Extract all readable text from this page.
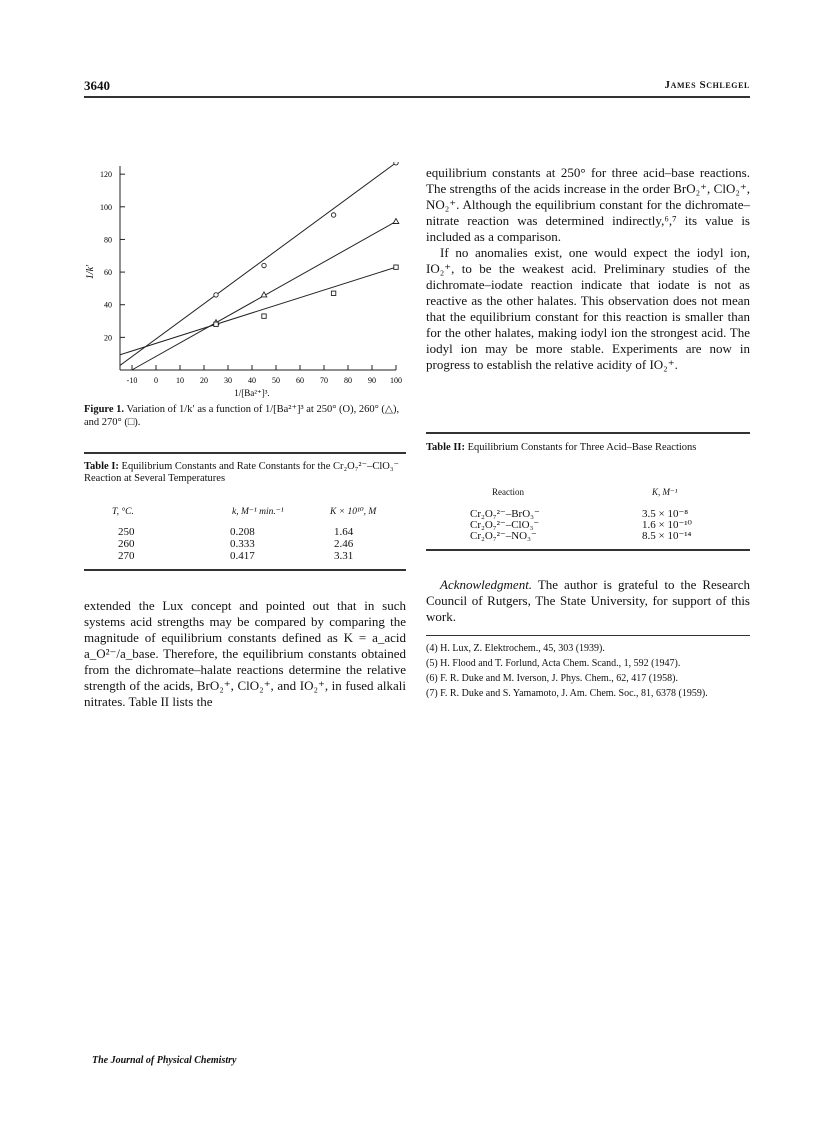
3640	James Schlegel
20
40
60
80
100
120
-10 0 10 20 30 40 50 60 70 80 90 100
1/k′
1/[Ba²⁺]³.
Figure 1. Variation of 1/k′ as a function of 1/[Ba²⁺]³ at 250° (O), 260° (△), and 270° (□).
Table I: Equilibrium Constants and Rate Constants for the Cr₂O₇²⁻–ClO₃⁻ Reaction at Several Temperatures
T, °C.	k, M⁻¹ min.⁻¹	K × 10¹⁰, M
250	0.208	1.64
260	0.333	2.46
270	0.417	3.31

extended the Lux concept and pointed out that in such systems acid strengths may be compared by comparing the magnitude of equilibrium constants defined as K = a_acid a_O²⁻/a_base. Therefore, the equilibrium constants obtained from the dichromate–halate reactions determine the relative strength of the acids, BrO₂⁺, ClO₂⁺, and IO₂⁺, in fused alkali nitrates. Table II lists the

equilibrium constants at 250° for three acid–base reactions. The strengths of the acids increase in the order BrO₂⁺, ClO₂⁺, NO₂⁺. Although the equilibrium constant for the dichromate–nitrate reaction was determined indirectly,⁶,⁷ its value is included as a comparison.

If no anomalies exist, one would expect the iodyl ion, IO₂⁺, to be the weakest acid. Preliminary studies of the dichromate–iodate reaction indicate that iodate is not as reactive as the other halates. This observation does not mean that the equilibrium constant for this reaction is smaller than for the other halates, making iodyl ion the strongest acid. The iodyl ion may be more stable. Experiments are now in progress to establish the relative acidity of IO₂⁺.

Table II: Equilibrium Constants for Three Acid–Base Reactions
Reaction	K, M⁻¹
Cr₂O₇²⁻–BrO₃⁻	3.5 × 10⁻⁸
Cr₂O₇²⁻–ClO₃⁻	1.6 × 10⁻¹⁰
Cr₂O₇²⁻–NO₃⁻	8.5 × 10⁻¹⁴

Acknowledgment. The author is grateful to the Research Council of Rutgers, The State University, for support of this work.

(4) H. Lux, Z. Elektrochem., 45, 303 (1939).
(5) H. Flood and T. Forlund, Acta Chem. Scand., 1, 592 (1947).
(6) F. R. Duke and M. Iverson, J. Phys. Chem., 62, 417 (1958).
(7) F. R. Duke and S. Yamamoto, J. Am. Chem. Soc., 81, 6378 (1959).
The Journal of Physical Chemistry
